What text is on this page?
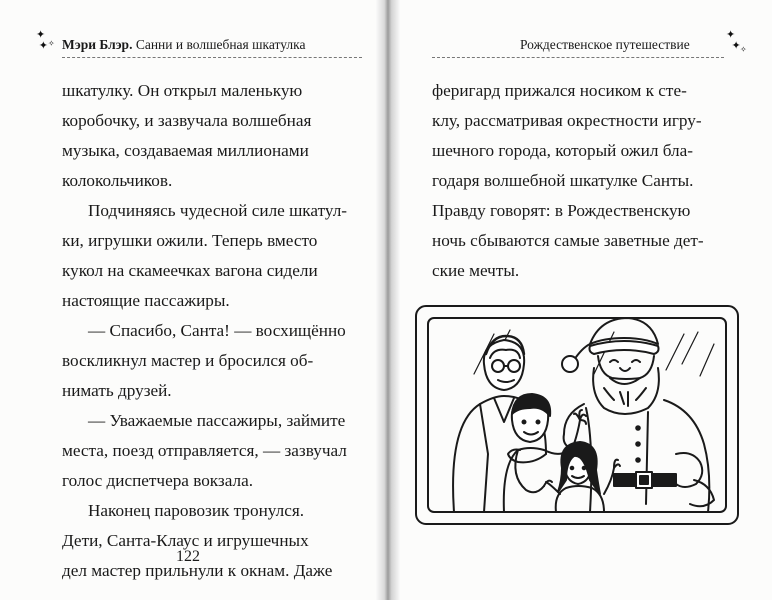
✦
✦ ✧ Мэри Блэр. Санни и волшебная шкатулка
шкатулку. Он открыл маленькую
коробочку, и зазвучала волшебная
музыка, создаваемая миллионами
колокольчиков.
Подчиняясь чудесной силе шкатул-
ки, игрушки ожили. Теперь вместо
кукол на скамеечках вагона сидели
настоящие пассажиры.
— Спасибо, Санта! — восхищённо
воскликнул мастер и бросился об-
нимать друзей.
— Уважаемые пассажиры, займите
места, поезд отправляется, — зазвучал
голос диспетчера вокзала.
Наконец паровозик тронулся.
Дети, Санта-Клаус и игрушечных
дел мастер прильнули к окнам. Даже
122
Рождественское путешествие
✦
✦ ✧
феригард прижался носиком к сте-
клу, рассматривая окрестности игру-
шечного города, который ожил бла-
годаря волшебной шкатулке Санты.
Правду говорят: в Рождественскую
ночь сбываются самые заветные дет-
ские мечты.
